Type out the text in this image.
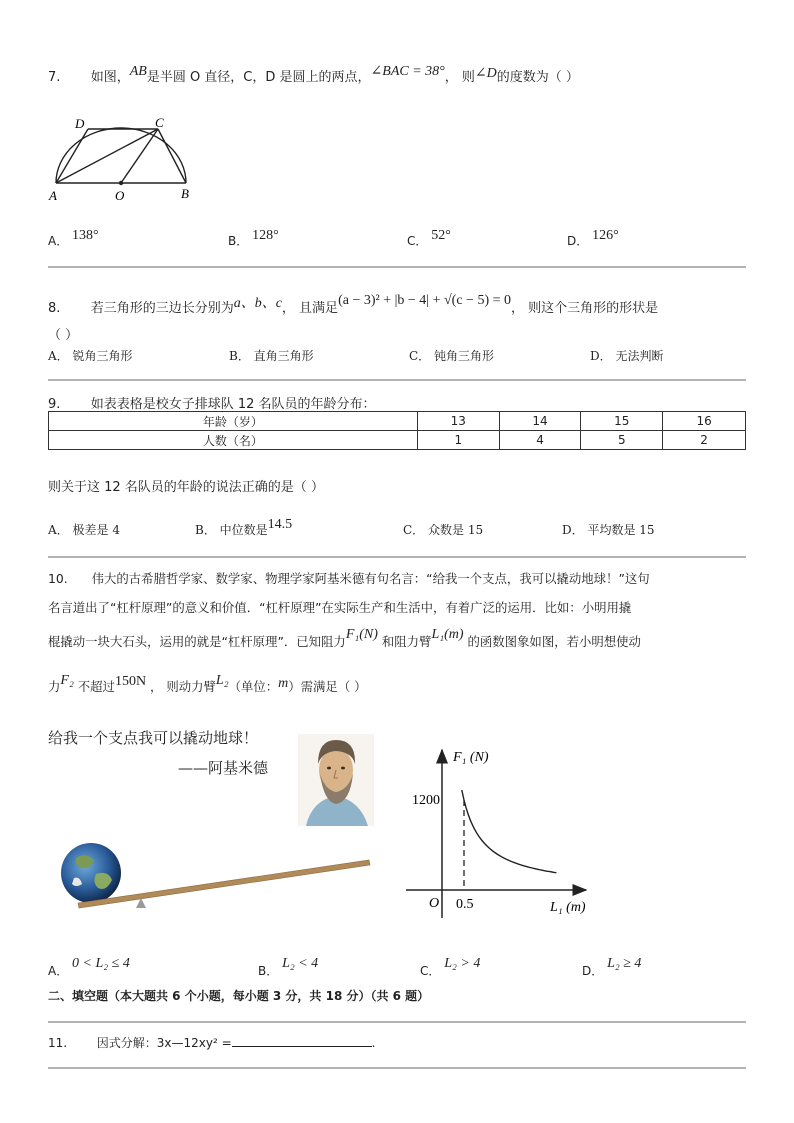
7. 如图，AB是半圆 O 直径，C，D 是圆上的两点，∠BAC = 38°， 则∠D的度数为（ ）
A	B
C
D
O
A． 138°	B． 128°	C． 52°	D． 126°
8. 若三角形的三边长分别为a、b、c， 且满足(a − 3)² + |b − 4| + √(c − 5) = 0， 则这个三角形的形状是
（ ）
A． 锐角三角形	B． 直角三角形	C． 钝角三角形	D． 无法判断
9. 如表表格是校女子排球队 12 名队员的年龄分布：
年龄（岁）	13	14	15	16
人数（名）	1	4	5	2
则关于这 12 名队员的年龄的说法正确的是（ ）
A． 极差是 4	B． 中位数是14.5	C． 众数是 15	D． 平均数是 15
10. 伟大的古希腊哲学家、数学家、物理学家阿基米德有句名言：“给我一个支点，我可以撬动地球！”这句
名言道出了“杠杆原理”的意义和价值．“杠杆原理”在实际生产和生活中，有着广泛的运用．比如：小明用撬
棍撬动一块大石头，运用的就是“杠杆原理”．已知阻力F₁(N) 和阻力臂L₁(m) 的函数图象如图，若小明想使动
力F₂ 不超过150N ， 则动力臂L₂（单位：m）需满足（ ）
给我一个支点我可以撬动地球！
——阿基米德
F₁ (N)
1200
O 0.5	L₁ (m)
A． 0 < L₂ ≤ 4	B． L₂ < 4	C． L₂ > 4	D． L₂ ≥ 4
二、填空题（本大题共 6 个小题，每小题 3 分，共 18 分）（共 6 题）
11. 因式分解：3x—12xy² =	.
